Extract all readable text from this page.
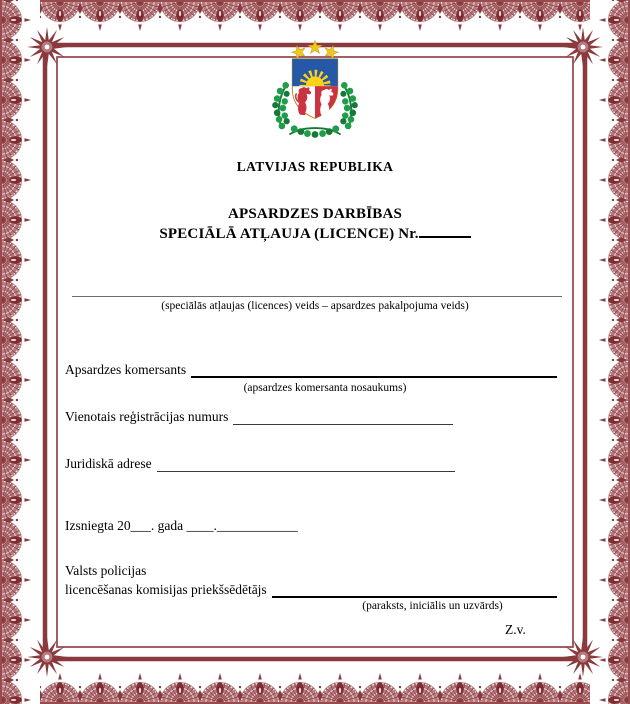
LATVIJAS REPUBLIKA
APSARDZES DARBĪBAS
SPECIĀLĀ ATĻAUJA (LICENCE) Nr.
(speciālās atļaujas (licences) veids – apsardzes pakalpojuma veids)
Apsardzes komersants
(apsardzes komersanta nosaukums)
Vienotais reģistrācijas numurs
Juridiskā adrese
Izsniegta 20___. gada ____.____________
Valsts policijas
licencēšanas komisijas priekšsēdētājs
(paraksts, iniciālis un uzvārds)
Z.v.
